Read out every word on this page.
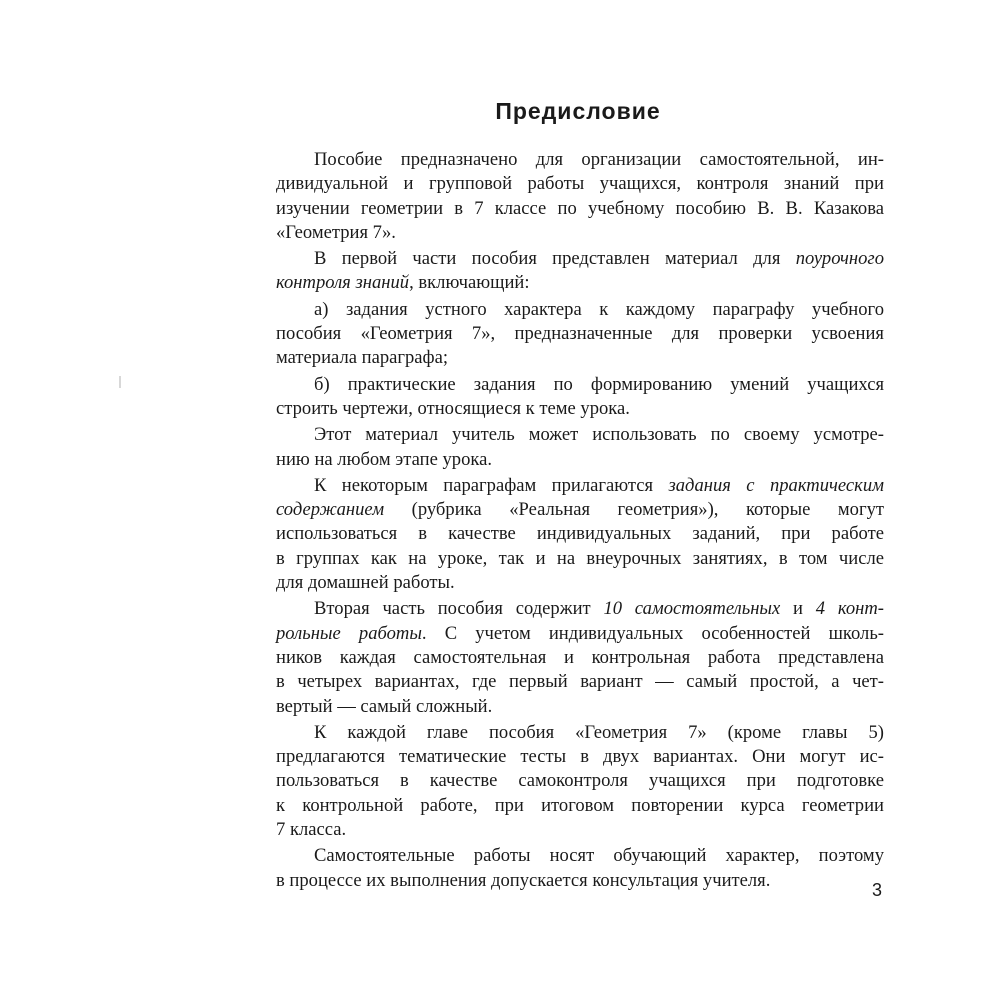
Предисловие
Пособие предназначено для организации самостоятельной, ин-
дивидуальной и групповой работы учащихся, контроля знаний при
изучении геометрии в 7 классе по учебному пособию В. В. Казакова
«Геометрия 7».
В первой части пособия представлен материал для поурочного
контроля знаний, включающий:
а) задания устного характера к каждому параграфу учебного
пособия «Геометрия 7», предназначенные для проверки усвоения
материала параграфа;
б) практические задания по формированию умений учащихся
строить чертежи, относящиеся к теме урока.
Этот материал учитель может использовать по своему усмотре-
нию на любом этапе урока.
К некоторым параграфам прилагаются задания с практическим
содержанием (рубрика «Реальная геометрия»), которые могут
использоваться в качестве индивидуальных заданий, при работе
в группах как на уроке, так и на внеурочных занятиях, в том числе
для домашней работы.
Вторая часть пособия содержит 10 самостоятельных и 4 конт-
рольные работы. С учетом индивидуальных особенностей школь-
ников каждая самостоятельная и контрольная работа представлена
в четырех вариантах, где первый вариант — самый простой, а чет-
вертый — самый сложный.
К каждой главе пособия «Геометрия 7» (кроме главы 5)
предлагаются тематические тесты в двух вариантах. Они могут ис-
пользоваться в качестве самоконтроля учащихся при подготовке
к контрольной работе, при итоговом повторении курса геометрии
7 класса.
Самостоятельные работы носят обучающий характер, поэтому
в процессе их выполнения допускается консультация учителя.	3
